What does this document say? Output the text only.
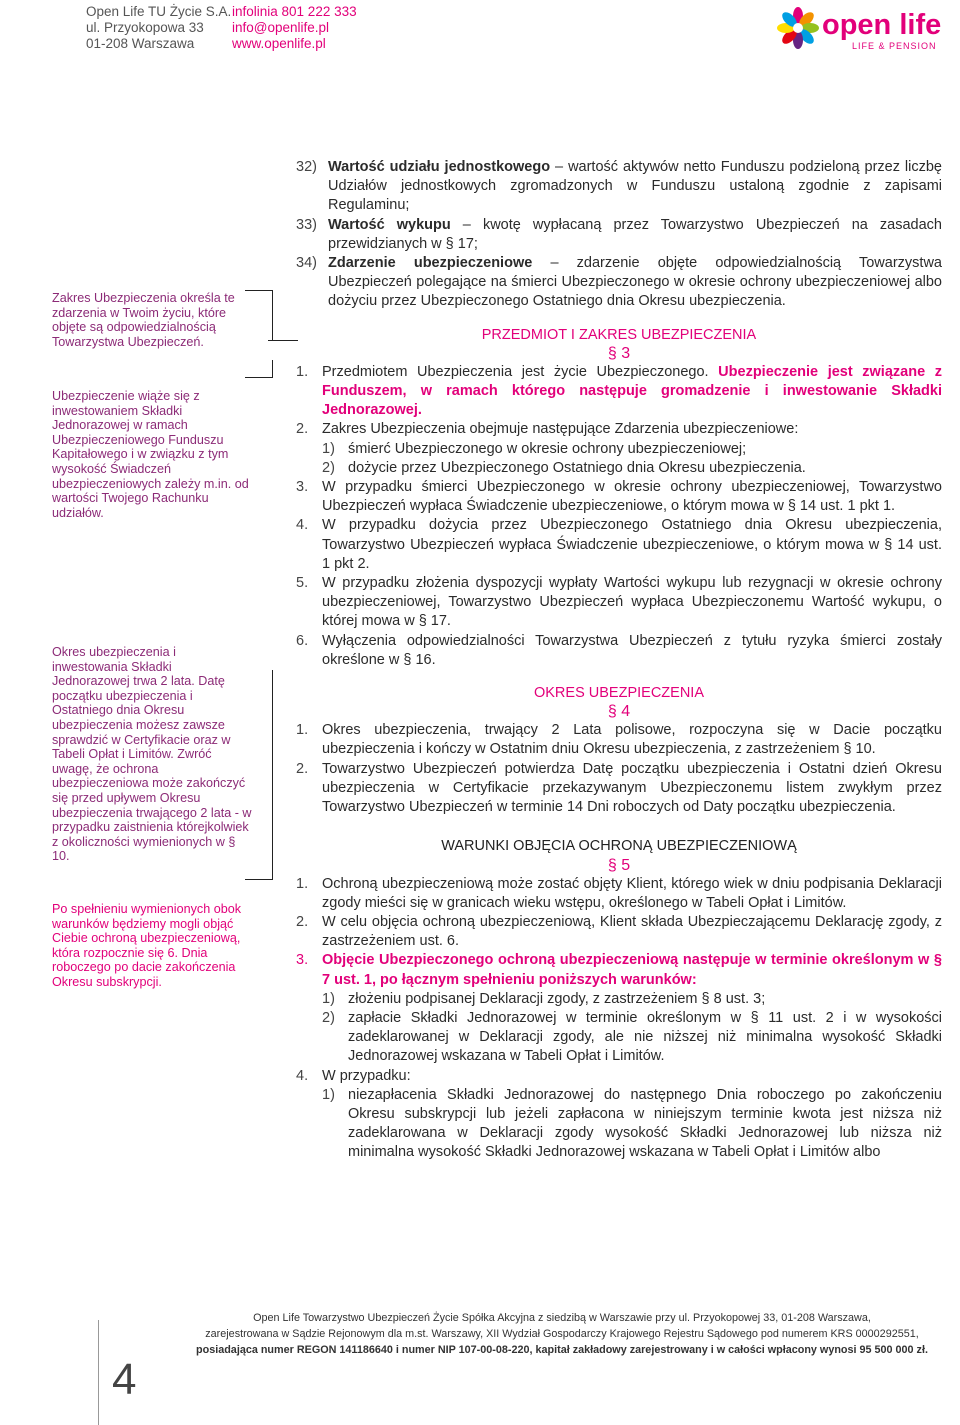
Open Life TU Życie S.A.
ul. Przyokopowa 33
01-208 Warszawa
infolinia 801 222 333
info@openlife.pl
www.openlife.pl
open life
LIFE & PENSION
Zakres Ubezpieczenia określa te zdarzenia w Twoim życiu, które objęte są odpowiedzialnością Towarzystwa Ubezpieczeń.
Ubezpieczenie wiąże się z inwestowaniem Składki Jednorazowej w ramach Ubezpieczeniowego Funduszu Kapitałowego i w związku z tym wysokość Świadczeń ubezpieczeniowych zależy m.in. od wartości Twojego Rachunku udziałów.
Okres ubezpieczenia i inwestowania Składki Jednorazowej trwa 2 lata. Datę początku ubezpieczenia i Ostatniego dnia Okresu ubezpieczenia możesz zawsze sprawdzić w Certyfikacie oraz w Tabeli Opłat i Limitów. Zwróć uwagę, że ochrona ubezpieczeniowa może zakończyć się przed upływem Okresu ubezpieczenia trwającego 2 lata - w przypadku zaistnienia którejkolwiek z okoliczności wymienionych w § 10.
Po spełnieniu wymienionych obok warunków będziemy mogli objąć Ciebie ochroną ubezpieczeniową, która rozpocznie się 6. Dnia roboczego po dacie zakończenia Okresu subskrypcji.
32) Wartość udziału jednostkowego – wartość aktywów netto Funduszu podzieloną przez liczbę Udziałów jednostkowych zgromadzonych w Funduszu ustaloną zgodnie z zapisami Regulaminu;
33) Wartość wykupu – kwotę wypłacaną przez Towarzystwo Ubezpieczeń na zasadach przewidzianych w § 17;
34) Zdarzenie ubezpieczeniowe – zdarzenie objęte odpowiedzialnością Towarzystwa Ubezpieczeń polegające na śmierci Ubezpieczonego w okresie ochrony ubezpieczeniowej albo dożyciu przez Ubezpieczonego Ostatniego dnia Okresu ubezpieczenia.
PRZEDMIOT I ZAKRES UBEZPIECZENIA
§ 3
1. Przedmiotem Ubezpieczenia jest życie Ubezpieczonego. Ubezpieczenie jest związane z Funduszem, w ramach którego następuje gromadzenie i inwestowanie Składki Jednorazowej.
2. Zakres Ubezpieczenia obejmuje następujące Zdarzenia ubezpieczeniowe:
1) śmierć Ubezpieczonego w okresie ochrony ubezpieczeniowej;
2) dożycie przez Ubezpieczonego Ostatniego dnia Okresu ubezpieczenia.
3. W przypadku śmierci Ubezpieczonego w okresie ochrony ubezpieczeniowej, Towarzystwo Ubezpieczeń wypłaca Świadczenie ubezpieczeniowe, o którym mowa w § 14 ust. 1 pkt 1.
4. W przypadku dożycia przez Ubezpieczonego Ostatniego dnia Okresu ubezpieczenia, Towarzystwo Ubezpieczeń wypłaca Świadczenie ubezpieczeniowe, o którym mowa w § 14 ust. 1 pkt 2.
5. W przypadku złożenia dyspozycji wypłaty Wartości wykupu lub rezygnacji w okresie ochrony ubezpieczeniowej, Towarzystwo Ubezpieczeń wypłaca Ubezpieczonemu Wartość wykupu, o której mowa w § 17.
6. Wyłączenia odpowiedzialności Towarzystwa Ubezpieczeń z tytułu ryzyka śmierci zostały określone w § 16.
OKRES UBEZPIECZENIA
§ 4
1. Okres ubezpieczenia, trwający 2 Lata polisowe, rozpoczyna się w Dacie początku ubezpieczenia i kończy w Ostatnim dniu Okresu ubezpieczenia, z zastrzeżeniem § 10.
2. Towarzystwo Ubezpieczeń potwierdza Datę początku ubezpieczenia i Ostatni dzień Okresu ubezpieczenia w Certyfikacie przekazywanym Ubezpieczonemu listem zwykłym przez Towarzystwo Ubezpieczeń w terminie 14 Dni roboczych od Daty początku ubezpieczenia.
WARUNKI OBJĘCIA OCHRONĄ UBEZPIECZENIOWĄ
§ 5
1. Ochroną ubezpieczeniową może zostać objęty Klient, którego wiek w dniu podpisania Deklaracji zgody mieści się w granicach wieku wstępu, określonego w Tabeli Opłat i Limitów.
2. W celu objęcia ochroną ubezpieczeniową, Klient składa Ubezpieczającemu Deklarację zgody, z zastrzeżeniem ust. 6.
3. Objęcie Ubezpieczonego ochroną ubezpieczeniową następuje w terminie określonym w § 7 ust. 1, po łącznym spełnieniu poniższych warunków:
1) złożeniu podpisanej Deklaracji zgody, z zastrzeżeniem § 8 ust. 3;
2) zapłacie Składki Jednorazowej w terminie określonym w § 11 ust. 2 i w wysokości zadeklarowanej w Deklaracji zgody, ale nie niższej niż minimalna wysokość Składki Jednorazowej wskazana w Tabeli Opłat i Limitów.
4. W przypadku:
1) niezapłacenia Składki Jednorazowej do następnego Dnia roboczego po zakończeniu Okresu subskrypcji lub jeżeli zapłacona w niniejszym terminie kwota jest niższa niż zadeklarowana w Deklaracji zgody wysokość Składki Jednorazowej lub niższa niż minimalna wysokość Składki Jednorazowej wskazana w Tabeli Opłat i Limitów albo
4
Open Life Towarzystwo Ubezpieczeń Życie Spółka Akcyjna z siedzibą w Warszawie przy ul. Przyokopowej 33, 01-208 Warszawa,
zarejestrowana w Sądzie Rejonowym dla m.st. Warszawy, XII Wydział Gospodarczy Krajowego Rejestru Sądowego pod numerem KRS 0000292551,
posiadająca numer REGON 141186640 i numer NIP 107-00-08-220, kapitał zakładowy zarejestrowany i w całości wpłacony wynosi 95 500 000 zł.
